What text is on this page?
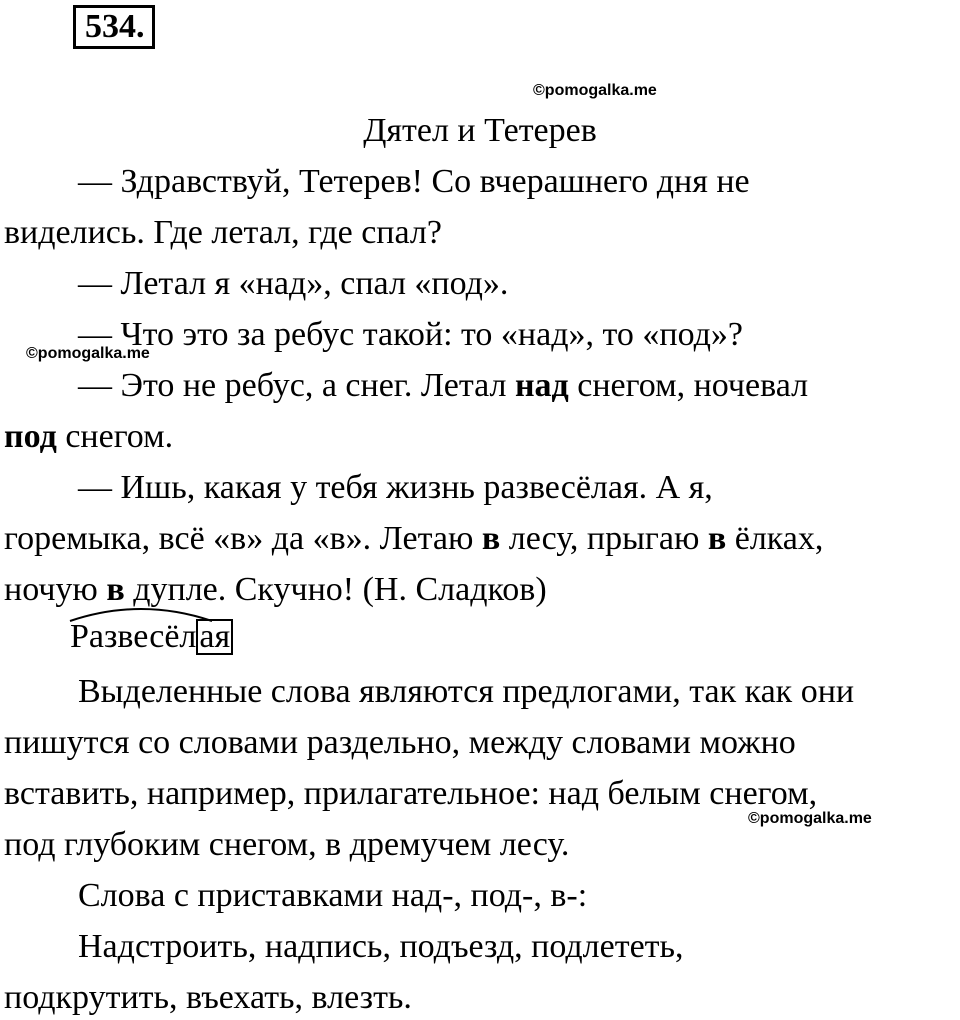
534.
©pomogalka.me
Дятел и Тетерев
— Здравствуй, Тетерев! Со вчерашнего дня не
виделись. Где летал, где спал?
— Летал я «над», спал «под».
— Что это за ребус такой: то «над», то «под»?
©pomogalka.me
— Это не ребус, а снег. Летал над снегом, ночевал
под снегом.
— Ишь, какая у тебя жизнь развесёлая. А я,
горемыка, всё «в» да «в». Летаю в лесу, прыгаю в ёлках,
ночую в дупле. Скучно! (Н. Сладков)
Развесёл
ая
Выделенные слова являются предлогами, так как они
пишутся со словами раздельно, между словами можно
вставить, например, прилагательное: над белым снегом,
©pomogalka.me
под глубоким снегом, в дремучем лесу.
Слова с приставками над-, под-, в-:
Надстроить, надпись, подъезд, подлететь,
подкрутить, въехать, влезть.
